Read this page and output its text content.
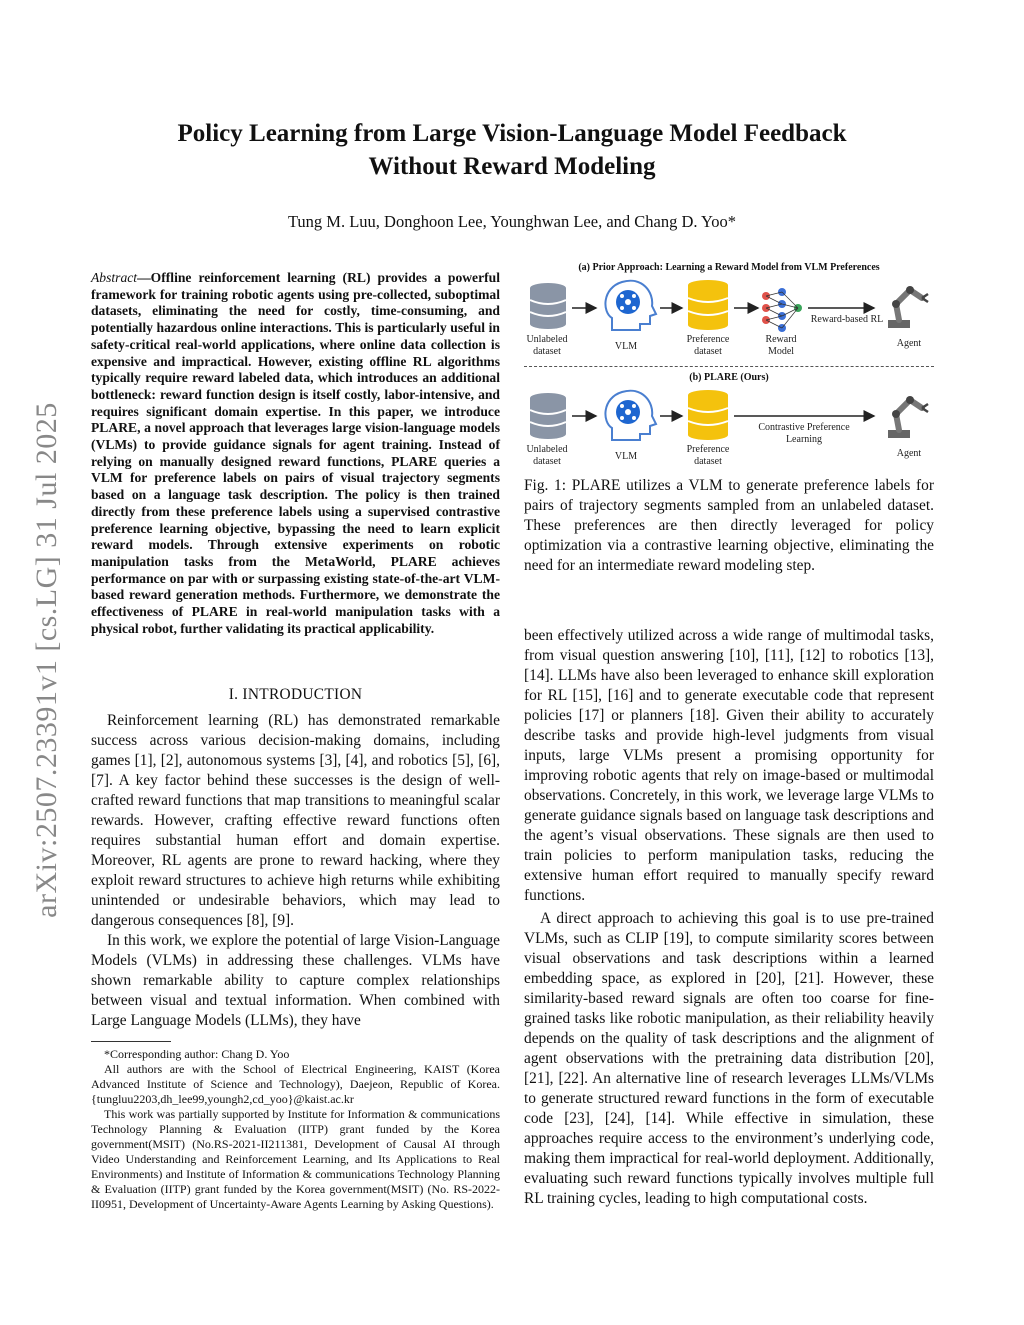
arXiv:2507.23391v1 [cs.LG] 31 Jul 2025
Policy Learning from Large Vision-Language Model Feedback
Without Reward Modeling
Tung M. Luu, Donghoon Lee, Younghwan Lee, and Chang D. Yoo*
Abstract—Offline reinforcement learning (RL) provides a powerful framework for training robotic agents using pre-collected, suboptimal datasets, eliminating the need for costly, time-consuming, and potentially hazardous online interactions. This is particularly useful in safety-critical real-world applications, where online data collection is expensive and impractical. However, existing offline RL algorithms typically require reward labeled data, which introduces an additional bottleneck: reward function design is itself costly, labor-intensive, and requires significant domain expertise. In this paper, we introduce PLARE, a novel approach that leverages large vision-language models (VLMs) to provide guidance signals for agent training. Instead of relying on manually designed reward functions, PLARE queries a VLM for preference labels on pairs of visual trajectory segments based on a language task description. The policy is then trained directly from these preference labels using a supervised contrastive preference learning objective, bypassing the need to learn explicit reward models. Through extensive experiments on robotic manipulation tasks from the MetaWorld, PLARE achieves performance on par with or surpassing existing state-of-the-art VLM-based reward generation methods. Furthermore, we demonstrate the effectiveness of PLARE in real-world manipulation tasks with a physical robot, further validating its practical applicability.
I. INTRODUCTION

Reinforcement learning (RL) has demonstrated remarkable success across various decision-making domains, including games [1], [2], autonomous systems [3], [4], and robotics [5], [6], [7]. A key factor behind these successes is the design of well-crafted reward functions that map transitions to meaningful scalar rewards. However, crafting effective reward functions often requires substantial human effort and domain expertise. Moreover, RL agents are prone to reward hacking, where they exploit reward structures to achieve high returns while exhibiting unintended or undesirable behaviors, which may lead to dangerous consequences [8], [9].

In this work, we explore the potential of large Vision-Language Models (VLMs) in addressing these challenges. VLMs have shown remarkable ability to capture complex relationships between visual and textual information. When combined with Large Language Models (LLMs), they have

*Corresponding author: Chang D. Yoo

All authors are with the School of Electrical Engineering, KAIST (Korea Advanced Institute of Science and Technology), Daejeon, Republic of Korea. {tungluu2203,dh_lee99,youngh2,cd_yoo}@kaist.ac.kr

This work was partially supported by Institute for Information & communications Technology Planning & Evaluation (IITP) grant funded by the Korea government(MSIT) (No.RS-2021-II211381, Development of Causal AI through Video Understanding and Reinforcement Learning, and Its Applications to Real Environments) and Institute of Information & communications Technology Planning & Evaluation (IITP) grant funded by the Korea government(MSIT) (No. RS-2022-II0951, Development of Uncertainty-Aware Agents Learning by Asking Questions).

(a) Prior Approach: Learning a Reward Model from VLM Preferences
Unlabeled dataset	VLM
Preference dataset
Reward Model
Reward-based RL
Agent
(b) PLARE (Ours)
Unlabeled dataset	VLM
Preference dataset
Contrastive Preference Learning
Agent
Fig. 1: PLARE utilizes a VLM to generate preference labels for pairs of trajectory segments sampled from an unlabeled dataset. These preferences are then directly leveraged for policy optimization via a contrastive learning objective, eliminating the need for an intermediate reward modeling step.

been effectively utilized across a wide range of multimodal tasks, from visual question answering [10], [11], [12] to robotics [13], [14]. LLMs have also been leveraged to enhance skill exploration for RL [15], [16] and to generate executable code that represent policies [17] or planners [18]. Given their ability to accurately describe tasks and provide high-level judgments from visual inputs, large VLMs present a promising opportunity for improving robotic agents that rely on image-based or multimodal observations. Concretely, in this work, we leverage large VLMs to generate guidance signals based on language task descriptions and the agent’s visual observations. These signals are then used to train policies to perform manipulation tasks, reducing the extensive human effort required to manually specify reward functions.

A direct approach to achieving this goal is to use pre-trained VLMs, such as CLIP [19], to compute similarity scores between visual observations and task descriptions within a learned embedding space, as explored in [20], [21]. However, these similarity-based reward signals are often too coarse for fine-grained tasks like robotic manipulation, as their reliability heavily depends on the quality of task descriptions and the alignment of agent observations with the pretraining data distribution [20], [21], [22]. An alternative line of research leverages LLMs/VLMs to generate structured reward functions in the form of executable code [23], [24], [14]. While effective in simulation, these approaches require access to the environment’s underlying code, making them impractical for real-world deployment. Additionally, evaluating such reward functions typically involves multiple full RL training cycles, leading to high computational costs.
